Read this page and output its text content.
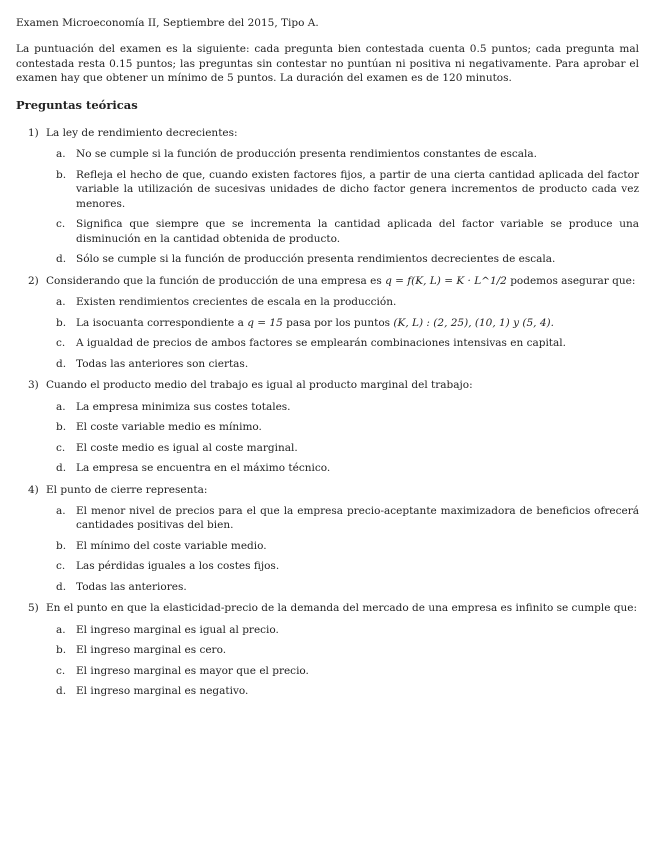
Examen Microeconomía II, Septiembre del 2015, Tipo A.
La puntuación del examen es la siguiente: cada pregunta bien contestada cuenta 0.5 puntos; cada pregunta mal contestada resta 0.15 puntos; las preguntas sin contestar no puntúan ni positiva ni negativamente. Para aprobar el examen hay que obtener un mínimo de 5 puntos. La duración del examen es de 120 minutos.
Preguntas teóricas
1) La ley de rendimiento decrecientes:
a. No se cumple si la función de producción presenta rendimientos constantes de escala.
b. Refleja el hecho de que, cuando existen factores fijos, a partir de una cierta cantidad aplicada del factor variable la utilización de sucesivas unidades de dicho factor genera incrementos de producto cada vez menores.
c.	Significa que siempre que se incrementa la cantidad aplicada del factor variable se produce una disminución en la cantidad obtenida de producto.
d. Sólo se cumple si la función de producción presenta rendimientos decrecientes de escala.
2) Considerando que la función de producción de una empresa es q = f(K, L) = K · L^1/2 podemos asegurar que:
a. Existen rendimientos crecientes de escala en la producción.
b. La isocuanta correspondiente a q = 15 pasa por los puntos (K, L) : (2, 25), (10, 1) y (5, 4).
c.	A igualdad de precios de ambos factores se emplearán combinaciones intensivas en capital.
d. Todas las anteriores son ciertas.
3) Cuando el producto medio del trabajo es igual al producto marginal del trabajo:
a. La empresa minimiza sus costes totales.
b. El coste variable medio es mínimo.
c.	El coste medio es igual al coste marginal.
d. La empresa se encuentra en el máximo técnico.
4) El punto de cierre representa:
a. El menor nivel de precios para el que la empresa precio-aceptante maximizadora de beneficios ofrecerá cantidades positivas del bien.
b. El mínimo del coste variable medio.
c.	Las pérdidas iguales a los costes fijos.
d. Todas las anteriores.
5) En el punto en que la elasticidad-precio de la demanda del mercado de una empresa es infinito se cumple que:
a. El ingreso marginal es igual al precio.
b. El ingreso marginal es cero.
c.	El ingreso marginal es mayor que el precio.
d. El ingreso marginal es negativo.
